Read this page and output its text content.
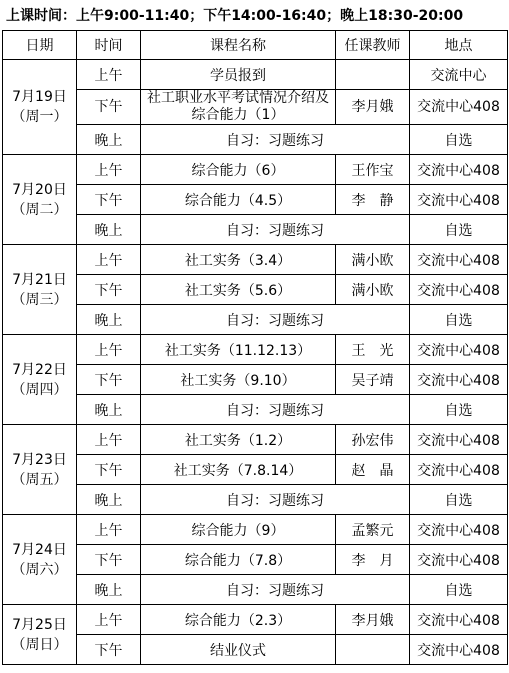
上课时间：上午9:00-11:40；下午14:00-16:40；晚上18:30-20:00
日期	时间	课程名称	任课教师	地点

7月19日
（周一）	上午	学员报到		交流中心
	下午	社工职业水平考试情况介绍及综合能力（1）	李月娥	交流中心408
	晚上	自习：习题练习		自选

7月20日
（周二）	上午	综合能力（6）	王作宝	交流中心408
	下午	综合能力（4.5）	李　静	交流中心408
	晚上	自习：习题练习		自选

7月21日
（周三）	上午	社工实务（3.4）	满小欧	交流中心408
	下午	社工实务（5.6）	满小欧	交流中心408
	晚上	自习：习题练习		自选

7月22日
（周四）	上午	社工实务（11.12.13）	王　光	交流中心408
	下午	社工实务（9.10）	吴子靖	交流中心408
	晚上	自习：习题练习		自选

7月23日
（周五）	上午	社工实务（1.2）	孙宏伟	交流中心408
	下午	社工实务（7.8.14）	赵　晶	交流中心408
	晚上	自习：习题练习		自选

7月24日
（周六）	上午	综合能力（9）	孟繁元	交流中心408
	下午	综合能力（7.8）	李　月	交流中心408
	晚上	自习：习题练习		自选

7月25日
（周日）	上午	综合能力（2.3）	李月娥	交流中心408
	下午	结业仪式		交流中心408
